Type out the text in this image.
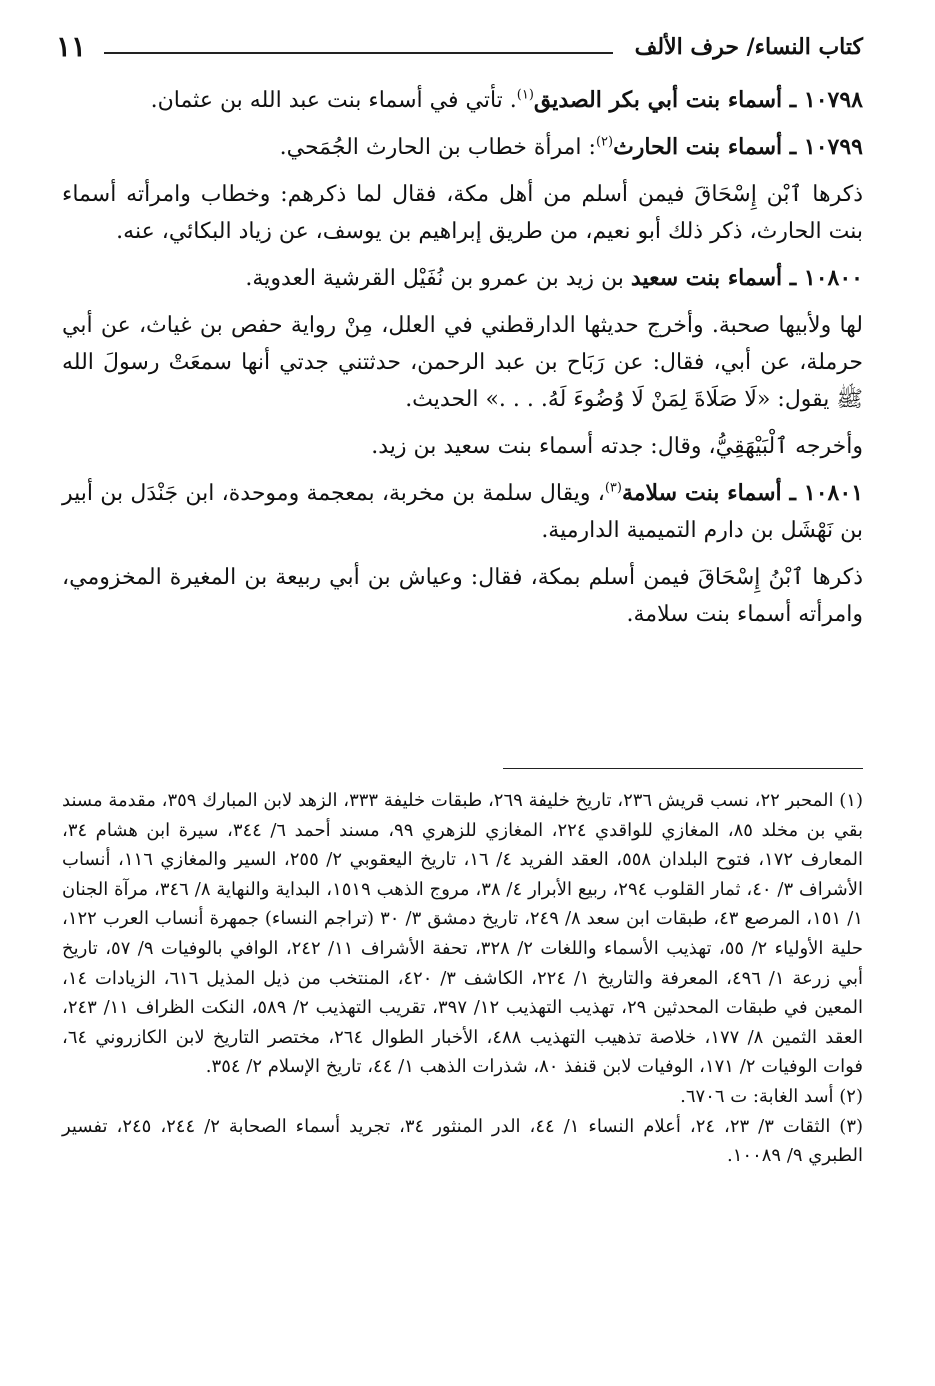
١١	كتاب النساء/ حرف الألف

١٠٧٩٨ ـ أسماء بنت أبي بكر الصديق$^{(١)}$. تأتي في أسماء بنت عبد الله بن عثمان.

١٠٧٩٩ ـ أسماء بنت الحارث$^{(٢)}$: امرأة خطاب بن الحارث الجُمَحي.

ذكرها ٱبْن إِسْحَاقَ فيمن أسلم من أهل مكة، فقال لما ذكرهم: وخطاب وامرأته أسماء بنت الحارث، ذكر ذلك أبو نعيم، من طريق إبراهيم بن يوسف، عن زياد البكائي، عنه.

١٠٨٠٠ ـ أسماء بنت سعيد بن زيد بن عمرو بن نُفَيْل القرشية العدوية.

لها ولأبيها صحبة. وأخرج حديثها الدارقطني في العلل، مِنْ رواية حفص بن غياث، عن أبي حرملة، عن أبي، فقال: عن رَبَاح بن عبد الرحمن، حدثتني جدتي أنها سمعَتْ رسولَ الله ﷺ يقول: «لَا صَلَاةَ لِمَنْ لَا وُضُوءَ لَهُ. . . .» الحديث.

وأخرجه ٱلْبَيْهَقِيُّ، وقال: جدته أسماء بنت سعيد بن زيد.

١٠٨٠١ ـ أسماء بنت سلامة$^{(٣)}$، ويقال سلمة بن مخربة، بمعجمة وموحدة، ابن جَنْدَل بن أبير بن نَهْشَل بن دارم التميمية الدارمية.

ذكرها ٱبْنُ إِسْحَاقَ فيمن أسلم بمكة، فقال: وعياش بن أبي ربيعة بن المغيرة المخزومي، وامرأته أسماء بنت سلامة.

(١) المحبر ٢٢، نسب قريش ٢٣٦، تاريخ خليفة ٢٦٩، طبقات خليفة ٣٣٣، الزهد لابن المبارك ٣٥٩، مقدمة مسند بقي بن مخلد ٨٥، المغازي للواقدي ٢٢٤، المغازي للزهري ٩٩، مسند أحمد ٦/ ٣٤٤، سيرة ابن هشام ٣٤، المعارف ١٧٢، فتوح البلدان ٥٥٨، العقد الفريد ٤/ ١٦، تاريخ اليعقوبي ٢/ ٢٥٥، السير والمغازي ١١٦، أنساب الأشراف ٣/ ٤٠، ثمار القلوب ٢٩٤، ربيع الأبرار ٤/ ٣٨، مروج الذهب ١٥١٩، البداية والنهاية ٨/ ٣٤٦، مرآة الجنان ١/ ١٥١، المرصع ٤٣، طبقات ابن سعد ٨/ ٢٤٩، تاريخ دمشق ٣/ ٣٠ (تراجم النساء) جمهرة أنساب العرب ١٢٢، حلية الأولياء ٢/ ٥٥، تهذيب الأسماء واللغات ٢/ ٣٢٨، تحفة الأشراف ١١/ ٢٤٢، الوافي بالوفيات ٩/ ٥٧، تاريخ أبي زرعة ١/ ٤٩٦، المعرفة والتاريخ ١/ ٢٢٤، الكاشف ٣/ ٤٢٠، المنتخب من ذيل المذيل ٦١٦، الزيادات ١٤، المعين في طبقات المحدثين ٢٩، تهذيب التهذيب ١٢/ ٣٩٧، تقريب التهذيب ٢/ ٥٨٩، النكت الظراف ١١/ ٢٤٣، العقد الثمين ٨/ ١٧٧، خلاصة تذهيب التهذيب ٤٨٨، الأخبار الطوال ٢٦٤، مختصر التاريخ لابن الكازروني ٦٤، فوات الوفيات ٢/ ١٧١، الوفيات لابن قنفذ ٨٠، شذرات الذهب ١/ ٤٤، تاريخ الإسلام ٢/ ٣٥٤.

(٢) أسد الغابة: ت ٦٧٠٦.

(٣) الثقات ٣/ ٢٣، ٢٤، أعلام النساء ١/ ٤٤، الدر المنثور ٣٤، تجريد أسماء الصحابة ٢/ ٢٤٤، ٢٤٥، تفسير الطبري ٩/ ١٠٠٨٩.
